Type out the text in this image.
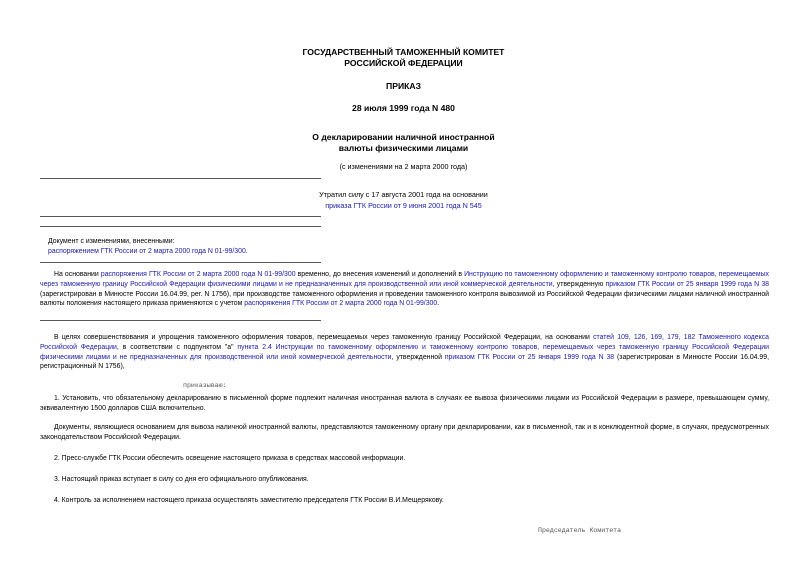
ГОСУДАРСТВЕННЫЙ ТАМОЖЕННЫЙ КОМИТЕТ
РОССИЙСКОЙ ФЕДЕРАЦИИ
ПРИКАЗ
28 июля 1999 года N 480
О декларировании наличной иностранной
валюты физическими лицами
(с изменениями на 2 марта 2000 года)
Утратил силу с 17 августа 2001 года на основании
приказа ГТК России от 9 июня 2001 года N 545
Документ с изменениями, внесенными:
распоряжением ГТК России от 2 марта 2000 года N 01-99/300.
На основании распоряжения ГТК России от 2 марта 2000 года N 01-99/300 временно, до внесения изменений и дополнений в Инструкцию по таможенному оформлению и таможенному контролю товаров, перемещаемых через таможенную границу Российской Федерации физическими лицами и не предназначенных для производственной или иной коммерческой деятельности, утвержденную приказом ГТК России от 25 января 1999 года N 38 (зарегистрирован в Минюсте России 16.04.99, рег. N 1756), при производстве таможенного оформления и проведении таможенного контроля вывозимой из Российской Федерации физическими лицами наличной иностранной валюты положения настоящего приказа применяются с учетом распоряжения ГТК России от 2 марта 2000 года N 01-99/300.
В целях совершенствования и упрощения таможенного оформления товаров, перемещаемых через таможенную границу Российской Федерации, на основании статей 109, 126, 169, 179, 182 Таможенного кодекса Российской Федерации, в соответствии с подпунктом "а" пункта 2.4 Инструкции по таможенному оформлению и таможенному контролю товаров, перемещаемых через таможенную границу Российской Федерации физическими лицами и не предназначенных для производственной или иной коммерческой деятельности, утвержденной приказом ГТК России от 25 января 1999 года N 38 (зарегистрирован в Минюсте России 16.04.99, регистрационный N 1756),
приказываю:
1. Установить, что обязательному декларированию в письменной форме подлежит наличная иностранная валюта в случаях ее вывоза физическими лицами из Российской Федерации в размере, превышающем сумму, эквивалентную 1500 долларов США включительно.
Документы, являющиеся основанием для вывоза наличной иностранной валюты, представляются таможенному органу при декларировании, как в письменной, так и в конклюдентной форме, в случаях, предусмотренных законодательством Российской Федерации.
2. Пресс-службе ГТК России обеспечить освещение настоящего приказа в средствах массовой информации.
3. Настоящий приказ вступает в силу со дня его официального опубликования.
4. Контроль за исполнением настоящего приказа осуществлять заместителю председателя ГТК России В.И.Мещерякову.
Председатель Комитета
